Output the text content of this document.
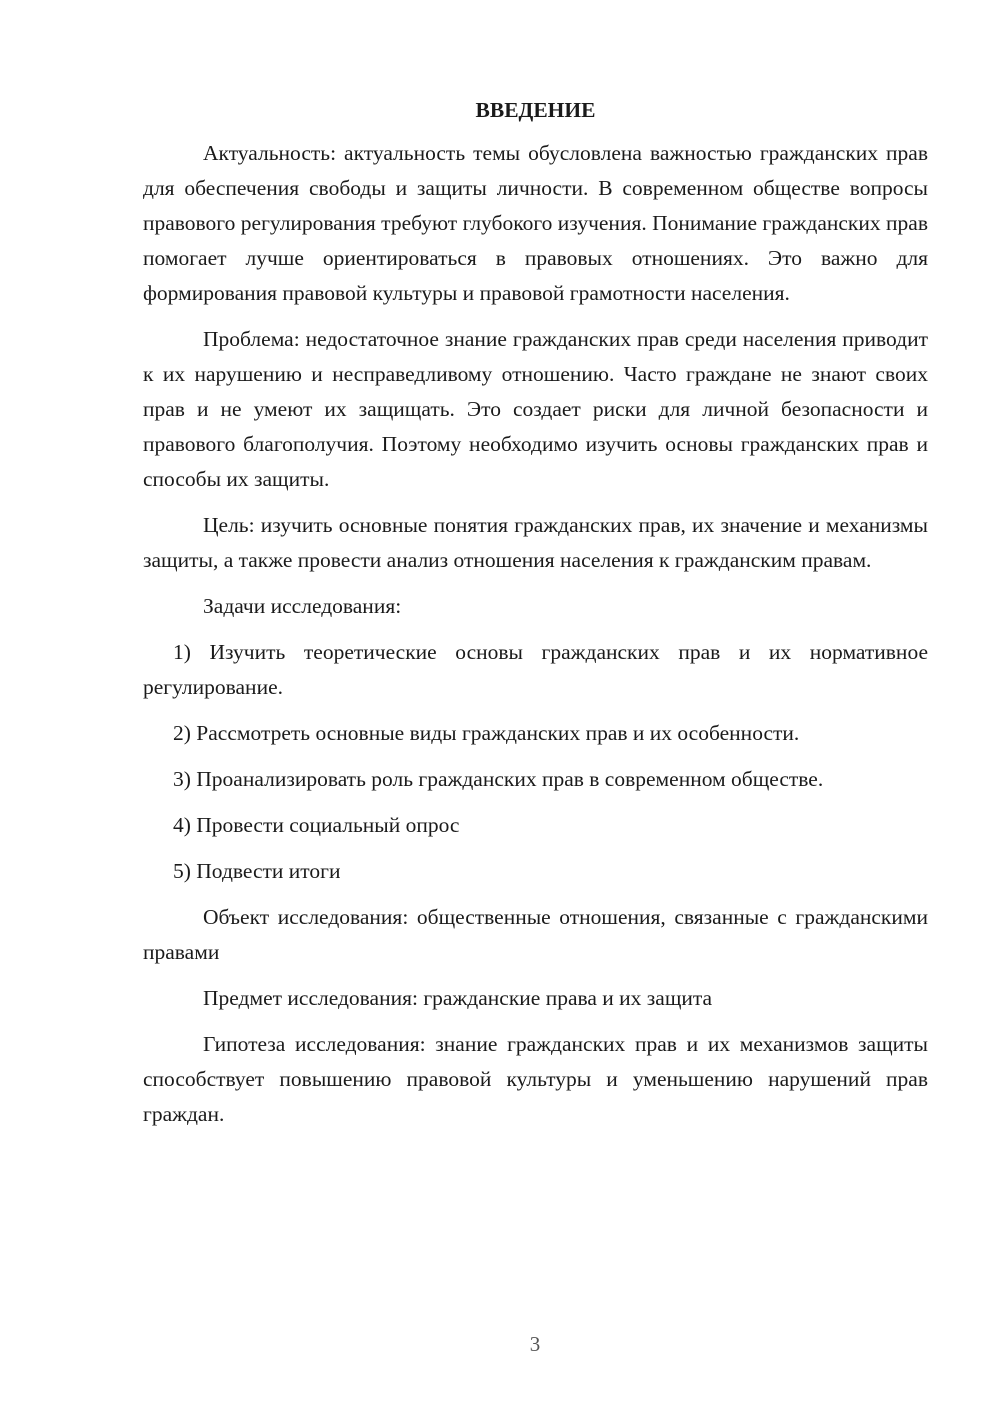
ВВЕДЕНИЕ

Актуальность: актуальность темы обусловлена важностью гражданских прав для обеспечения свободы и защиты личности. В современном обществе вопросы правового регулирования требуют глубокого изучения. Понимание гражданских прав помогает лучше ориентироваться в правовых отношениях. Это важно для формирования правовой культуры и правовой грамотности населения.

Проблема: недостаточное знание гражданских прав среди населения приводит к их нарушению и несправедливому отношению. Часто граждане не знают своих прав и не умеют их защищать. Это создает риски для личной безопасности и правового благополучия. Поэтому необходимо изучить основы гражданских прав и способы их защиты.

Цель: изучить основные понятия гражданских прав, их значение и механизмы защиты, а также провести анализ отношения населения к гражданским правам.

Задачи исследования:

1) Изучить теоретические основы гражданских прав и их нормативное регулирование.

2) Рассмотреть основные виды гражданских прав и их особенности.

3) Проанализировать роль гражданских прав в современном обществе.

4) Провести социальный опрос

5) Подвести итоги

Объект исследования: общественные отношения, связанные с гражданскими правами

Предмет исследования: гражданские права и их защита

Гипотеза исследования: знание гражданских прав и их механизмов защиты способствует повышению правовой культуры и уменьшению нарушений прав граждан.

3
